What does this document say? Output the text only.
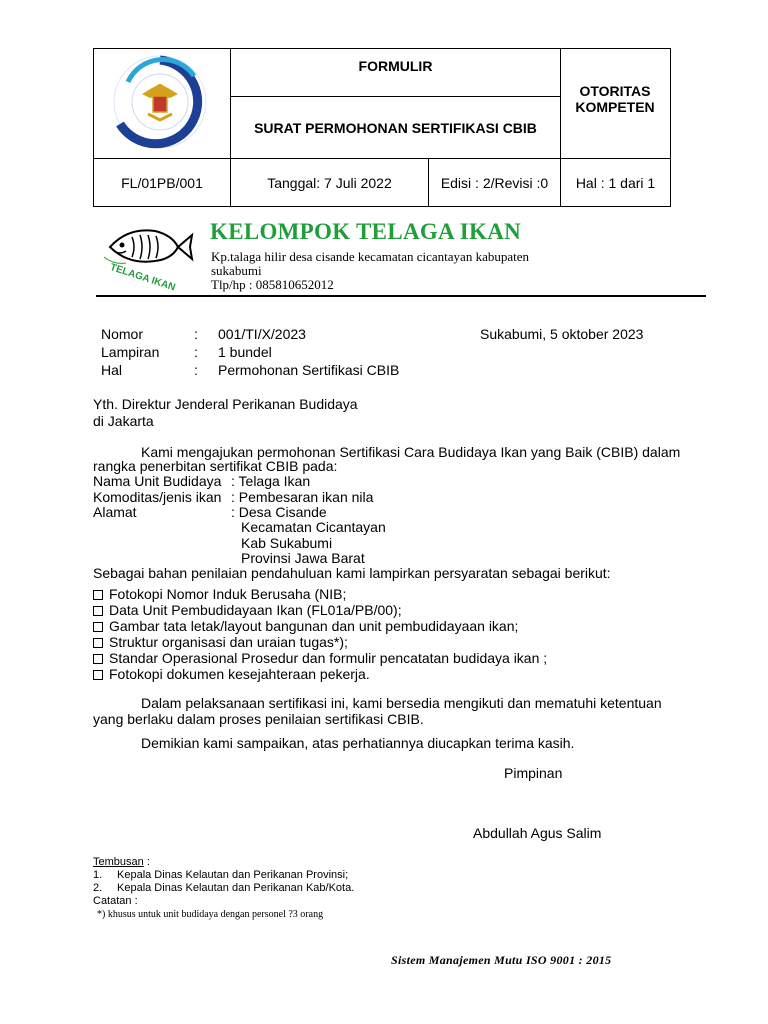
FORMULIR
SURAT PERMOHONAN SERTIFIKASI CBIB
OTORITAS KOMPETEN
FL/01PB/001	Tanggal: 7 Juli 2022	Edisi : 2/Revisi :0	Hal : 1 dari 1
TELAGA IKAN
KELOMPOK TELAGA IKAN
Kp.talaga hilir desa cisande kecamatan cicantayan kabupaten
sukabumi
Tlp/hp : 085810652012
Nomor	: 001/TI/X/2023	Sukabumi, 5 oktober 2023
Lampiran : 1 bundel
Hal	: Permohonan Sertifikasi CBIB
Yth. Direktur Jenderal Perikanan Budidaya
di Jakarta
Kami mengajukan permohonan Sertifikasi Cara Budidaya Ikan yang Baik (CBIB) dalam
rangka penerbitan sertifikat CBIB pada:
Nama Unit Budidaya : Telaga Ikan
Komoditas/jenis ikan : Pembesaran ikan nila
Alamat	: Desa Cisande
Kecamatan Cicantayan
Kab Sukabumi
Provinsi Jawa Barat
Sebagai bahan penilaian pendahuluan kami lampirkan persyaratan sebagai berikut:
Fotokopi Nomor Induk Berusaha (NIB;
Data Unit Pembudidayaan Ikan (FL01a/PB/00);
Gambar tata letak/layout bangunan dan unit pembudidayaan ikan;
Struktur organisasi dan uraian tugas*);
Standar Operasional Prosedur dan formulir pencatatan budidaya ikan ;
Fotokopi dokumen kesejahteraan pekerja.
Dalam pelaksanaan sertifikasi ini, kami bersedia mengikuti dan mematuhi ketentuan
yang berlaku dalam proses penilaian sertifikasi CBIB.
Demikian kami sampaikan, atas perhatiannya diucapkan terima kasih.
Pimpinan
Abdullah Agus Salim
Tembusan :
1. Kepala Dinas Kelautan dan Perikanan Provinsi;
2. Kepala Dinas Kelautan dan Perikanan Kab/Kota.
Catatan :
*) khusus untuk unit budidaya dengan personel ?3 orang
Sistem Manajemen Mutu ISO 9001 : 2015
